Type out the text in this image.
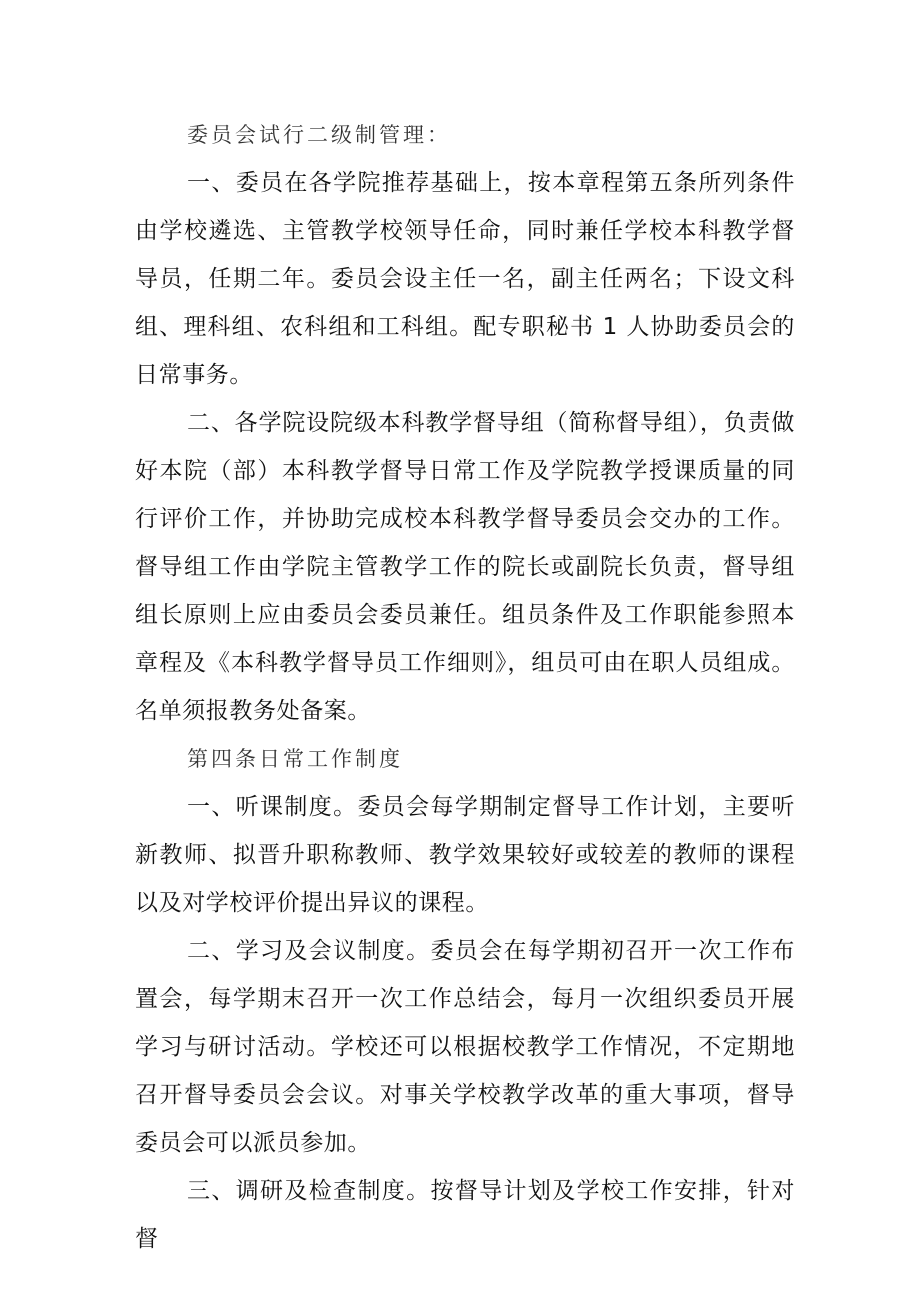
委员会试行二级制管理：

一、委员在各学院推荐基础上，按本章程第五条所列条件由学校遴选、主管教学校领导任命，同时兼任学校本科教学督导员，任期二年。委员会设主任一名，副主任两名；下设文科组、理科组、农科组和工科组。配专职秘书 1 人协助委员会的日常事务。

二、各学院设院级本科教学督导组（简称督导组），负责做好本院（部）本科教学督导日常工作及学院教学授课质量的同行评价工作，并协助完成校本科教学督导委员会交办的工作。督导组工作由学院主管教学工作的院长或副院长负责，督导组组长原则上应由委员会委员兼任。组员条件及工作职能参照本章程及《本科教学督导员工作细则》，组员可由在职人员组成。名单须报教务处备案。

第四条日常工作制度

一、听课制度。委员会每学期制定督导工作计划，主要听新教师、拟晋升职称教师、教学效果较好或较差的教师的课程以及对学校评价提出异议的课程。

二、学习及会议制度。委员会在每学期初召开一次工作布置会，每学期末召开一次工作总结会，每月一次组织委员开展学习与研讨活动。学校还可以根据校教学工作情况，不定期地召开督导委员会会议。对事关学校教学改革的重大事项，督导委员会可以派员参加。

三、调研及检查制度。按督导计划及学校工作安排，针对督
